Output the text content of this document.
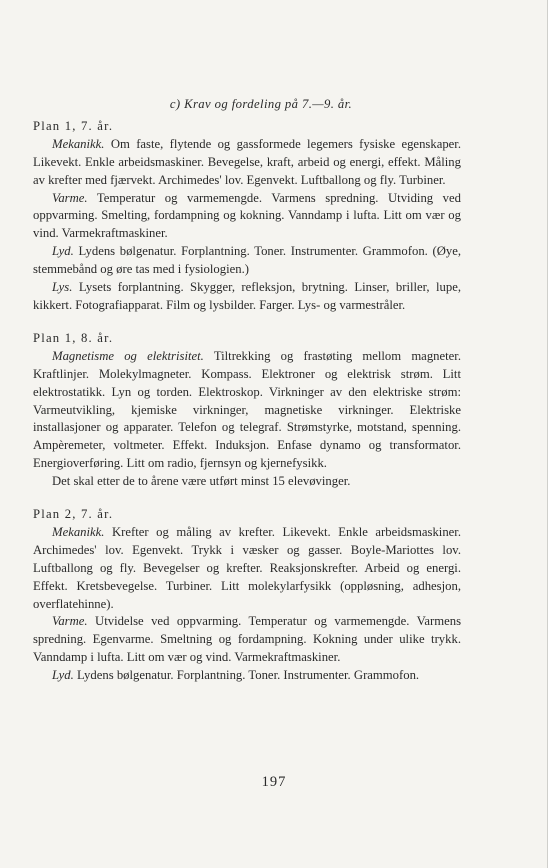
c) Krav og fordeling på 7.—9. år.

Plan 1, 7. år.

Mekanikk. Om faste, flytende og gassformede legemers fysiske egenskaper. Likevekt. Enkle arbeidsmaskiner. Bevegelse, kraft, arbeid og energi, effekt. Måling av krefter med fjærvekt. Archimedes' lov. Egenvekt. Luftballong og fly. Turbiner.

Varme. Temperatur og varmemengde. Varmens spredning. Utviding ved oppvarming. Smelting, fordampning og kokning. Vanndamp i lufta. Litt om vær og vind. Varmekraftmaskiner.

Lyd. Lydens bølgenatur. Forplantning. Toner. Instrumenter. Grammofon. (Øye, stemmebånd og øre tas med i fysiologien.)

Lys. Lysets forplantning. Skygger, refleksjon, brytning. Linser, briller, lupe, kikkert. Fotografiapparat. Film og lysbilder. Farger. Lys- og varmestråler.

Plan 1, 8. år.

Magnetisme og elektrisitet. Tiltrekking og frastøting mellom magneter. Kraftlinjer. Molekylmagneter. Kompass. Elektroner og elektrisk strøm. Litt elektrostatikk. Lyn og torden. Elektroskop. Virkninger av den elektriske strøm: Varmeutvikling, kjemiske virkninger, magnetiske virkninger. Elektriske installasjoner og apparater. Telefon og telegraf. Strømstyrke, motstand, spenning. Ampèremeter, voltmeter. Effekt. Induksjon. Enfase dynamo og transformator. Energioverføring. Litt om radio, fjernsyn og kjernefysikk.

Det skal etter de to årene være utført minst 15 elevøvinger.

Plan 2, 7. år.

Mekanikk. Krefter og måling av krefter. Likevekt. Enkle arbeidsmaskiner. Archimedes' lov. Egenvekt. Trykk i væsker og gasser. Boyle-Mariottes lov. Luftballong og fly. Bevegelser og krefter. Reaksjonskrefter. Arbeid og energi. Effekt. Kretsbevegelse. Turbiner. Litt molekylarfysikk (oppløsning, adhesjon, overflatehinne).

Varme. Utvidelse ved oppvarming. Temperatur og varmemengde. Varmens spredning. Egenvarme. Smeltning og fordampning. Kokning under ulike trykk. Vanndamp i lufta. Litt om vær og vind. Varmekraftmaskiner.

Lyd. Lydens bølgenatur. Forplantning. Toner. Instrumenter. Grammofon.

197
